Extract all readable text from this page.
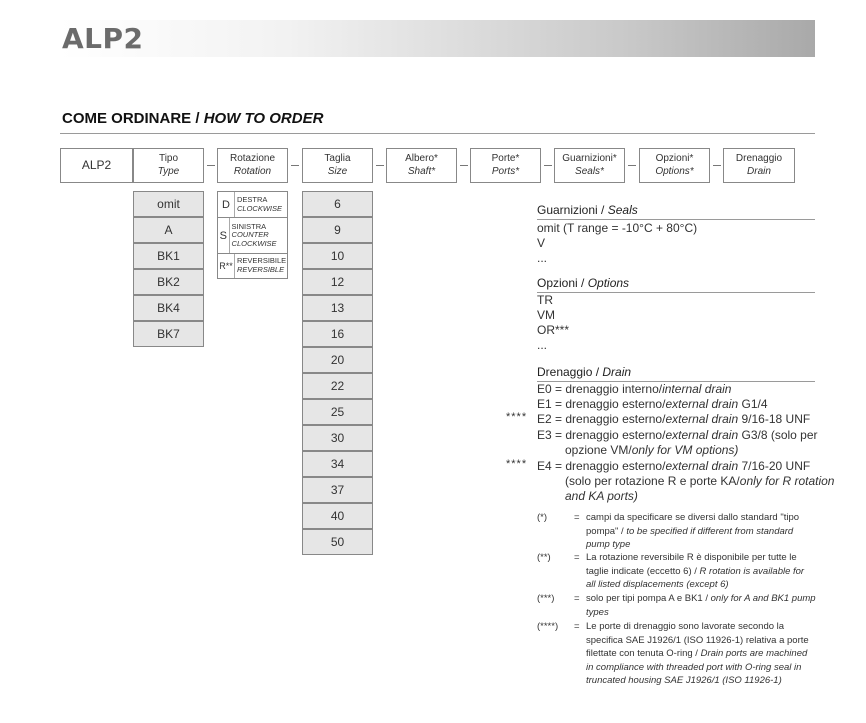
ALP2
COME ORDINARE / HOW TO ORDER
ALP2	Tipo
Type
Rotazione
Rotation
Taglia
Size
Albero*
Shaft*
Porte*
Ports*
Guarnizioni*
Seals*
Opzioni*
Options*
Drenaggio
Drain
omit
A
BK1
BK2
BK4
BK7
D DESTRA
CLOCKWISE
S
SINISTRA
COUNTER CLOCKWISE
R**
REVERSIBILE
REVERSIBLE
6
9
10
12
13
16
20
22
25
30
34
37
40
50
Guarnizioni / Seals
omit (T range = -10°C + 80°C)
V
...
Opzioni / Options
TR
VM
OR***
...
Drenaggio / Drain
E0 = drenaggio interno/internal drain
E1 = drenaggio esterno/external drain G1/4
**** E2 = drenaggio esterno/external drain 9/16-18 UNF
E3 = drenaggio esterno/external drain G3/8 (solo per
opzione VM/only for VM options)
**** E4 = drenaggio esterno/external drain 7/16-20 UNF
(solo per rotazione R e porte KA/only for R rotation
and KA ports)
(*)	= campi da specificare se diversi dallo standard "tipo pompa" / to be specified if different from standard pump type
(**) = La rotazione reversibile R è disponibile per tutte le taglie indicate (eccetto 6) / R rotation is available for all listed displacements (except 6)
(***) = solo per tipi pompa A e BK1 / only for A and BK1 pump types
(****) = Le porte di drenaggio sono lavorate secondo la specifica SAE J1926/1 (ISO 11926-1) relativa a porte filettate con tenuta O-ring / Drain ports are machined in compliance with threaded port with O-ring seal in truncated housing SAE J1926/1 (ISO 11926-1)
